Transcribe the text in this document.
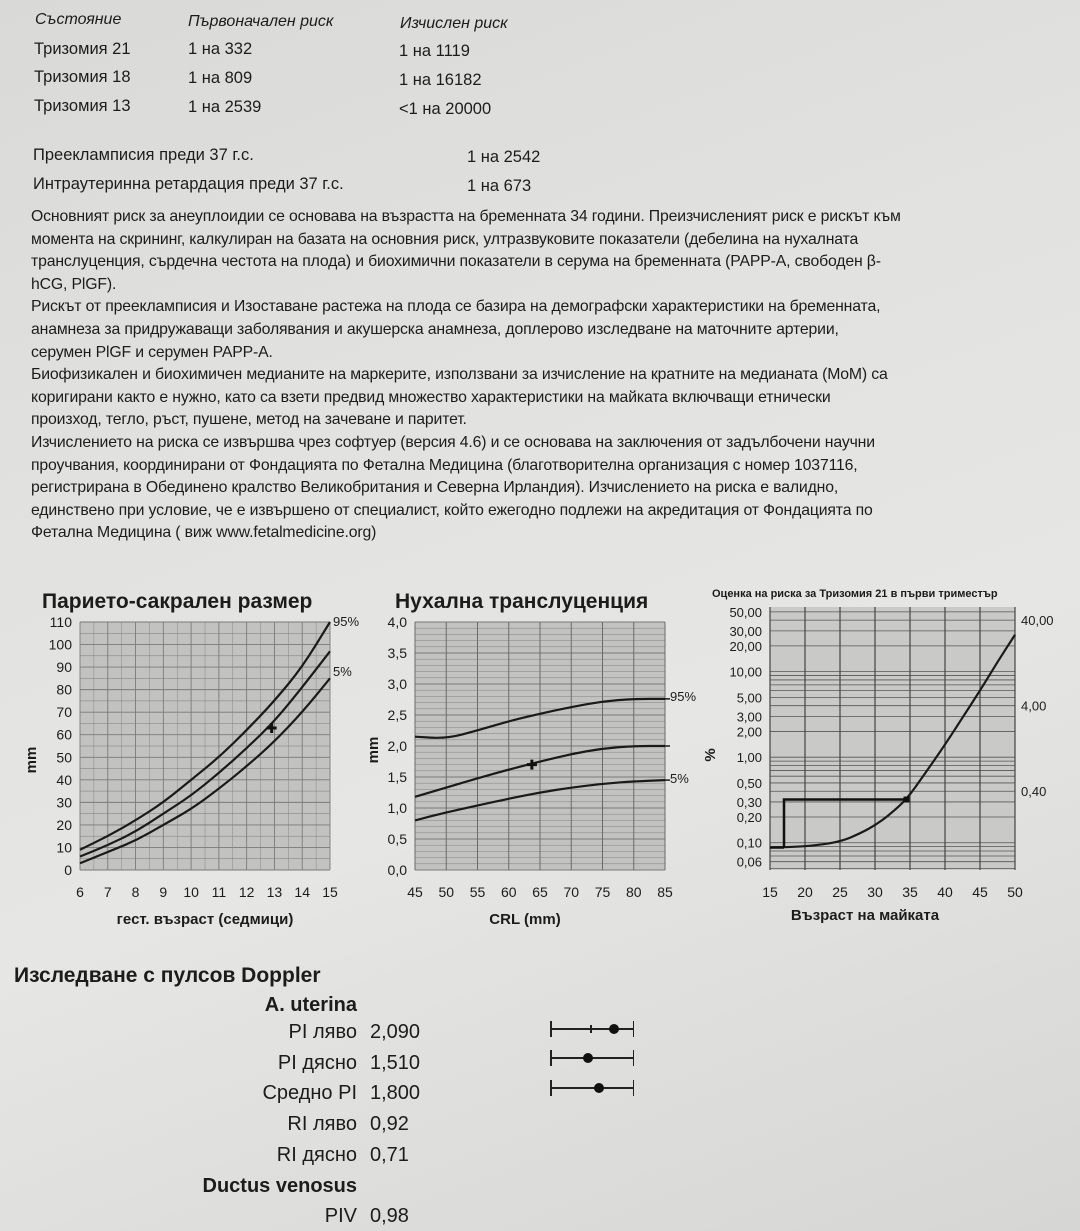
Състояние	Първоначален риск	Изчислен риск
Тризомия 21	1 на 332	1 на 1119
Тризомия 18	1 на 809	1 на 16182
Тризомия 13	1 на 2539	<1 на 20000
Преекламписия преди 37 г.с.	1 на 2542
Интраутеринна ретардация преди 37 г.с.	1 на 673
Основният риск за анеуплоидии се основава на възрастта на бременната 34 години. Преизчисленият риск е рискът към
момента на скрининг, калкулиран на базата на основния риск, ултразвуковите показатели (дебелина на нухалната
транслуценция, сърдечна честота на плода) и биохимични показатели в серума на бременната (PAPP-A, свободен β-
hCG, PlGF).
Рискът от преекламписия и Изоставане растежа на плода се базира на демографски характеристики на бременната,
анамнеза за придружаващи заболявания и акушерска анамнеза, доплерово изследване на маточните артерии,
серумен PlGF и серумен PAPP-A.
Биофизикален и биохимичен медианите на маркерите, използвани за изчисление на кратните на медианата (MoM) са
коригирани както е нужно, като са взети предвид множество характеристики на майката включващи етнически
произход, тегло, ръст, пушене, метод на зачеване и паритет.
Изчислението на риска се извършва чрез софтуер (версия 4.6) и се основава на заключения от задълбочени научни
проучвания, координирани от Фондацията по Фетална Медицина (благотворителна организация с номер 1037116,
регистрирана в Обединено кралство Великобритания и Северна Ирландия). Изчислението на риска е валидно,
единствено при условие, че е извършено от специалист, който ежегодно подлежи на акредитация от Фондацията по
Фетална Медицина ( виж www.fetalmedicine.org)
Парието-сакрален размер
гест. възраст (седмици)
mm
95%
5%
6 7 8 9 10 11 12 13 14 15
0
10
20
30
40
50
60
70
80
90
100
110
Нухална транслуценция
CRL (mm)
mm
95%
5%
45 50 55 60 65 70 75 80 85
0,0
0,5
1,0
1,5
2,0
2,5
3,0
3,5
4,0
Оценка на риска за Тризомия 21 в първи триместър
Възраст на майката
%
15 20 25 30 35 40 45 50
0,06
0,10
0,20
0,30
0,40
0,50
1,00
2,00
3,00
4,00
5,00
10,00
20,00
30,00
40,00
50,00
Изследване с пулсов Doppler
A. uterina
PI ляво 2,090
PI дясно 1,510
Средно PI 1,800
RI ляво 0,92
RI дясно 0,71
Ductus venosus
PIV 0,98
